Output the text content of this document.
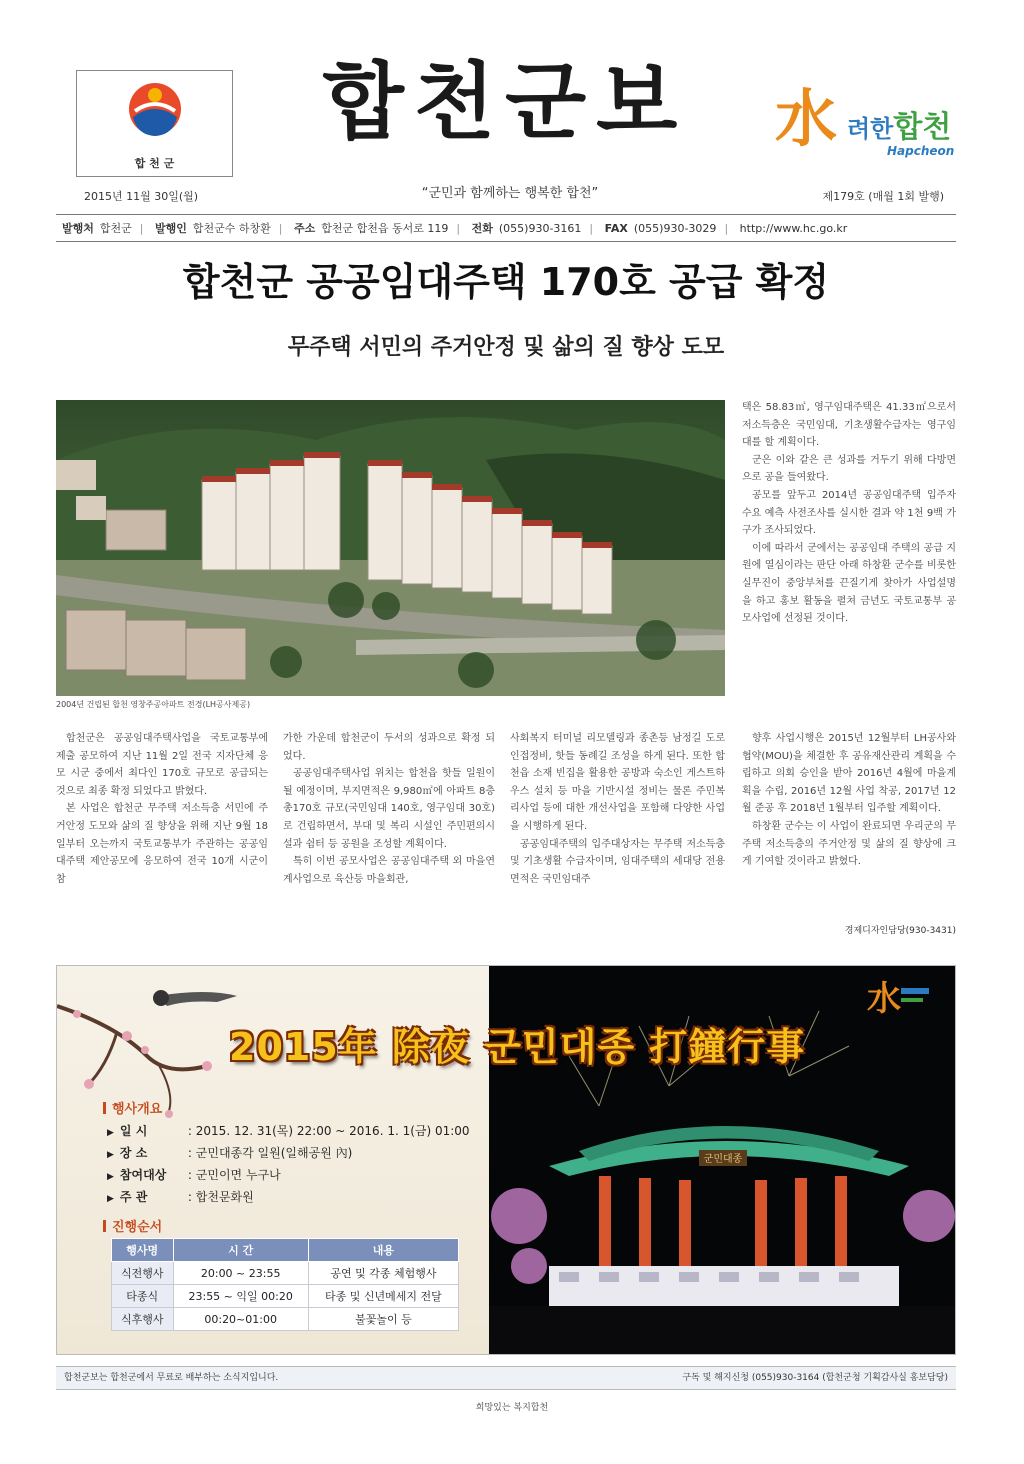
합 천 군
합천군보
“군민과 함께하는 행복한 합천”
2015년 11월 30일(월)	제179호 (매월 1회 발행)
水 려한합천
Hapcheon
발행처 합천군 | 발행인 합천군수 하창환 | 주소 합천군 합천읍 동서로 119 | 전화 (055)930-3161 | FAX (055)930-3029 | http://www.hc.go.kr
합천군 공공임대주택 170호 공급 확정
무주택 서민의 주거안정 및 삶의 질 향상 도모
2004년 건립된 합천 영창주공아파트 전경(LH공사제공)

택은 58.83㎡, 영구임대주택은 41.33㎡으로서 저소득층은 국민임대, 기초생활수급자는 영구임대를 할 계획이다.

군은 이와 같은 큰 성과를 거두기 위해 다방면으로 공을 들여왔다.

공모를 앞두고 2014년 공공임대주택 입주자 수요 예측 사전조사를 실시한 결과 약 1천 9백 가구가 조사되었다.

이에 따라서 군에서는 공공임대 주택의 공급 지원에 열심이라는 판단 아래 하창환 군수를 비롯한 실무진이 중앙부처를 끈질기게 찾아가 사업설명을 하고 홍보 활동을 펼쳐 금년도 국토교통부 공모사업에 선정된 것이다.

향후 사업시행은 2015년 12월부터 LH공사와 협약(MOU)을 체결한 후 공유재산관리 계획을 수립하고 의회 승인을 받아 2016년 4월에 마을계획을 수립, 2016년 12월 사업 착공, 2017년 12월 준공 후 2018년 1월부터 입주할 계획이다.

하창환 군수는 이 사업이 완료되면 우리군의 무주택 저소득층의 주거안정 및 삶의 질 향상에 크게 기여할 것이라고 밝혔다.

합천군은 공공임대주택사업을 국토교통부에 제출 공모하여 지난 11월 2일 전국 지자단체 응모 시군 중에서 최다인 170호 규모로 공급되는 것으로 최종 확정 되었다고 밝혔다.

본 사업은 합천군 무주택 저소득층 서민에 주거안정 도모와 삶의 질 향상을 위해 지난 9월 18일부터 오는까지 국토교통부가 주관하는 공공임대주택 제안공모에 응모하여 전국 10개 시군이 참

가한 가운데 합천군이 두서의 성과으로 확정 되었다.

공공임대주택사업 위치는 합천읍 핫들 일원이 될 예정이며, 부지면적은 9,980㎡에 아파트 8층 총170호 규모(국민임대 140호, 영구임대 30호)로 건립하면서, 부대 및 복리 시설인 주민편의시설과 쉼터 등 공원을 조성할 계획이다.

특히 이번 공모사업은 공공임대주택 외 마을연계사업으로 육산등 마을회관,

사회복지 터미널 리모델링과 종촌등 남정길 도로 인접정비, 핫들 동례길 조성을 하게 된다. 또한 합천읍 소재 빈집을 활용한 공방과 숙소인 게스트하우스 설치 등 마을 기반시설 정비는 물론 주민복리사업 등에 대한 개선사업을 포함해 다양한 사업을 시행하게 된다.

공공임대주택의 입주대상자는 무주택 저소득층 및 기초생활 수급자이며, 임대주택의 세대당 전용면적은 국민임대주

경제디자인담당(930-3431)
군민대종
水
2015年 除夜 군민대종 打鐘行事
행사개요
▶ 일 시	: 2015. 12. 31(목) 22:00 ~ 2016. 1. 1(금) 01:00
▶ 장 소	: 군민대종각 일원(일해공원 內)
▶ 참여대상 : 군민이면 누구나
▶ 주 관	: 합천문화원
진행순서
행사명	시 간	내용
식전행사	20:00 ~ 23:55	공연 및 각종 체험행사
타종식	23:55 ~ 익일 00:20	타종 및 신년메세지 전달
식후행사	00:20~01:00	불꽃놀이 등
합천군보는 합천군에서 무료로 배부하는 소식지입니다.	구독 및 해지신청 (055)930-3164 (합천군청 기획감사실 홍보담당)
희망있는 복지합천
